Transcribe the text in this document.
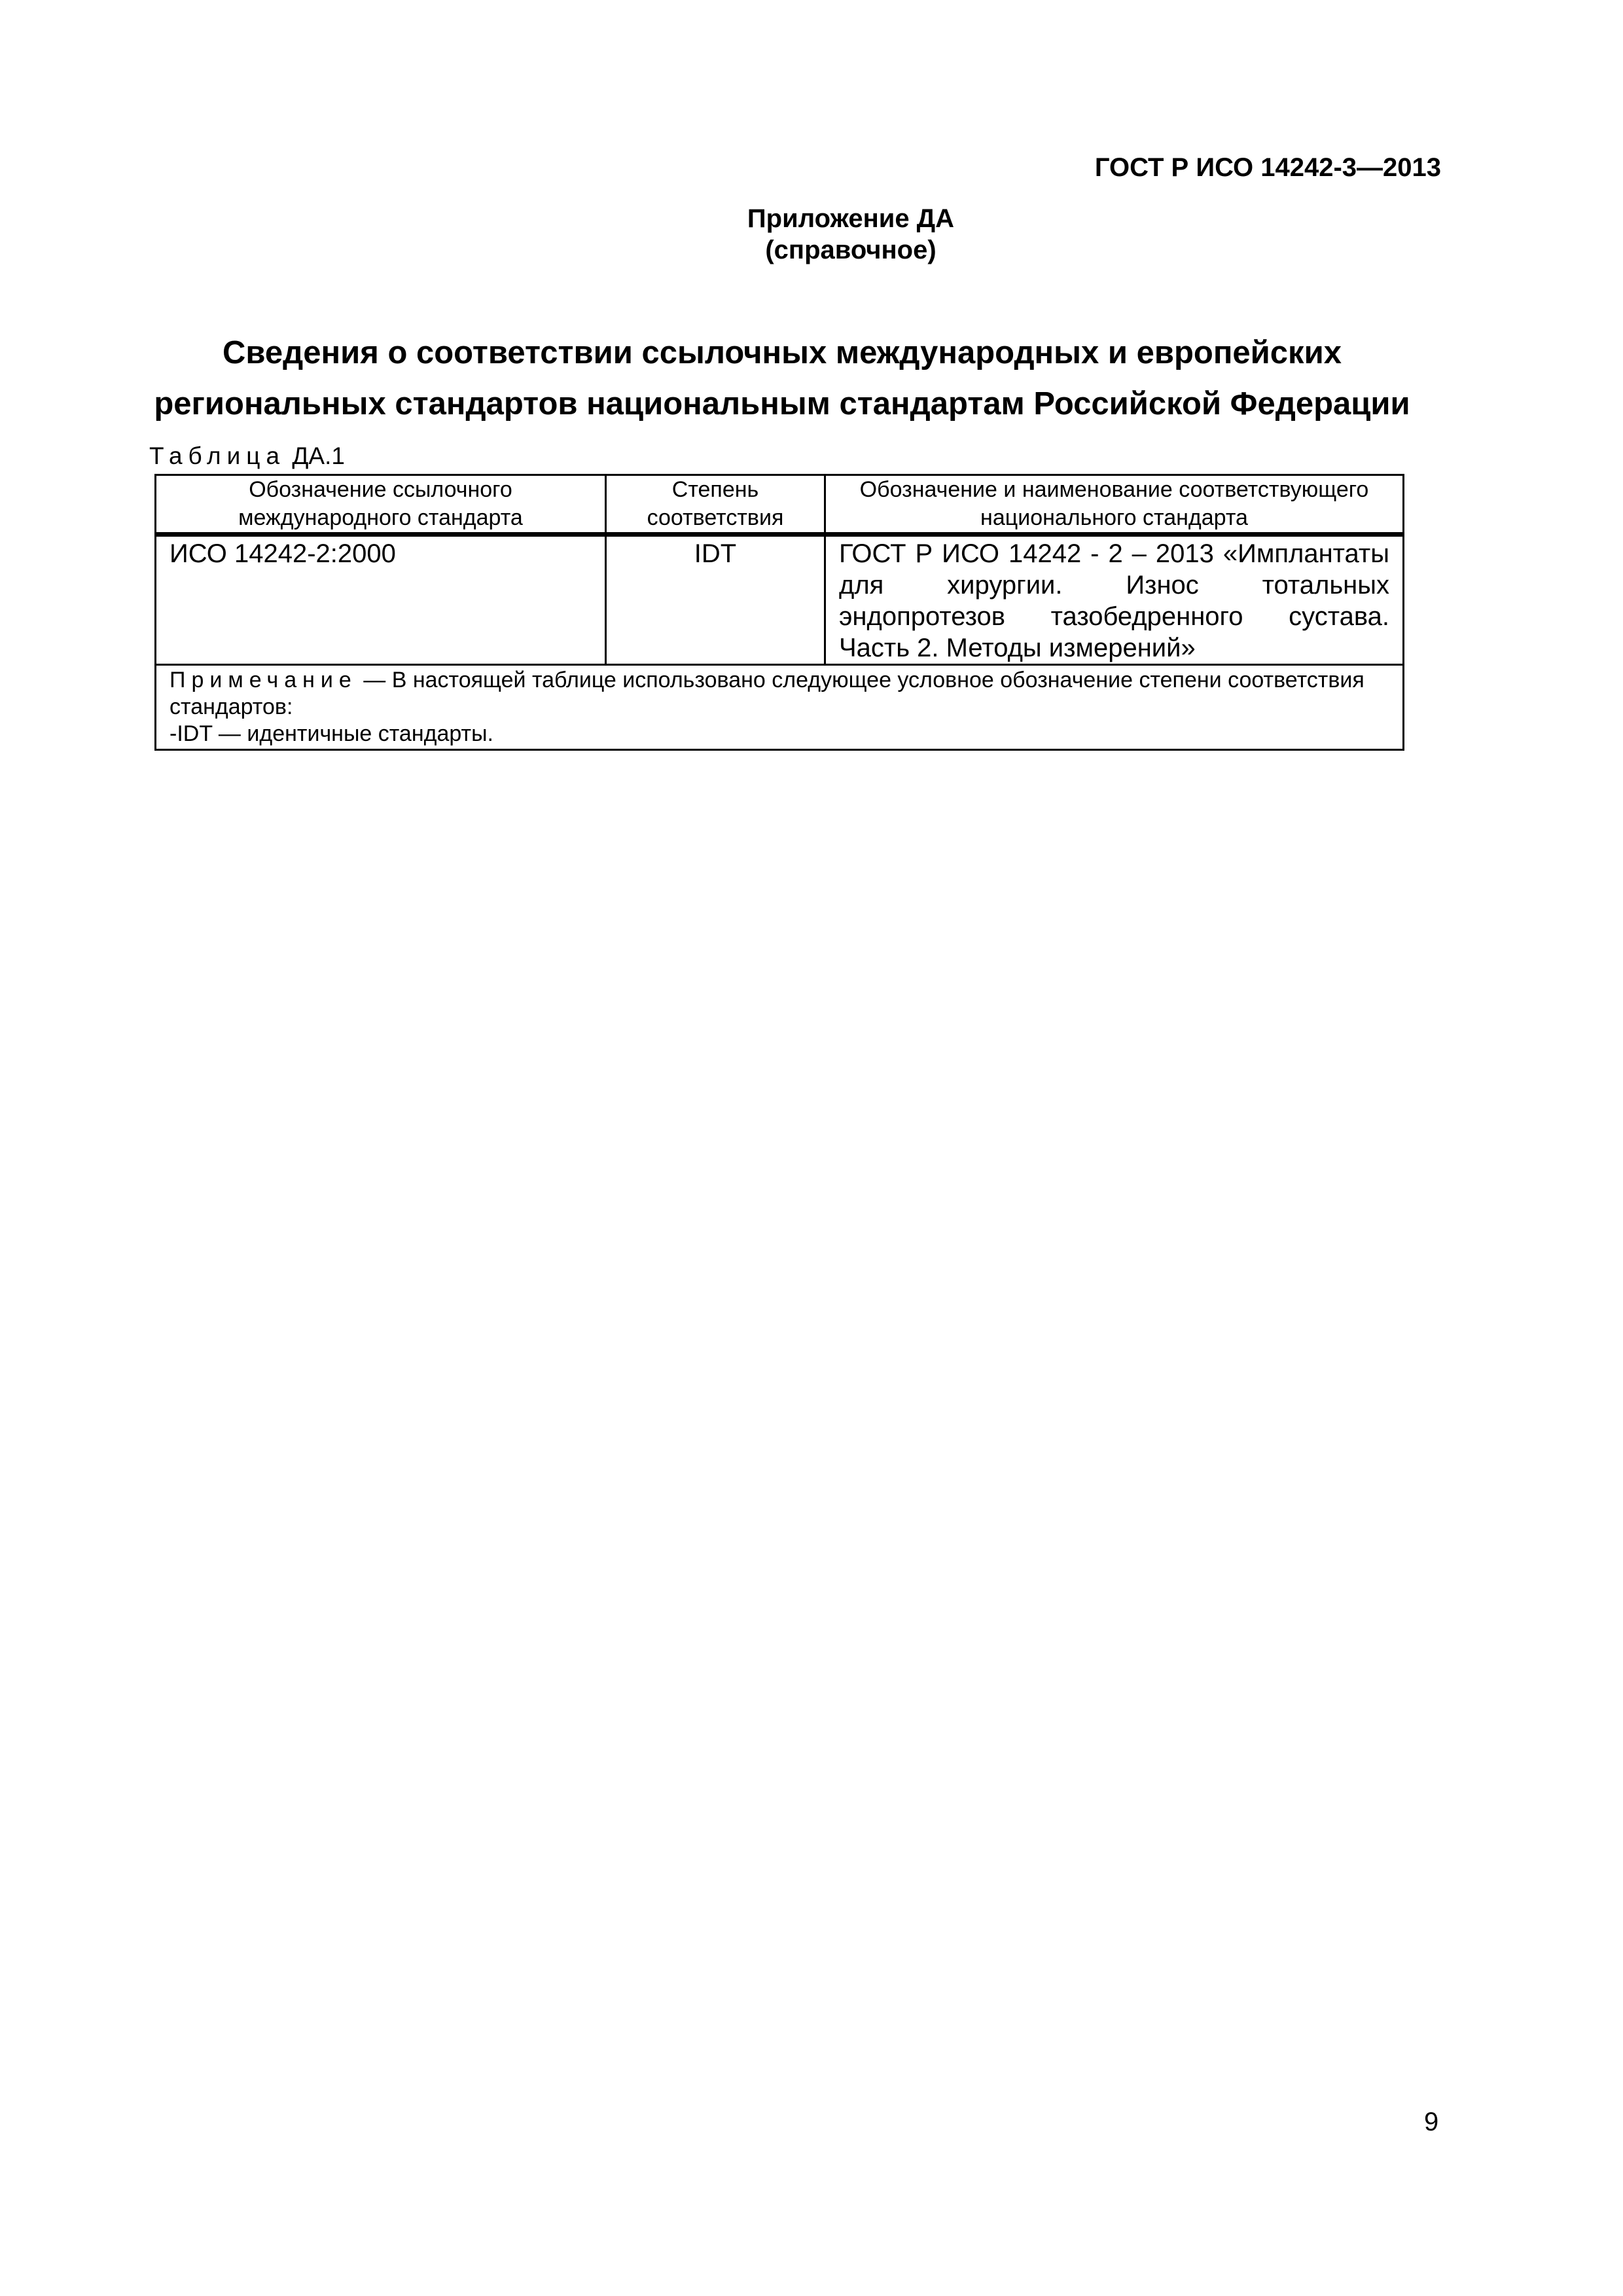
ГОСТ Р ИСО 14242-3—2013
Приложение ДА
(справочное)
Сведения о соответствии ссылочных международных и европейских
региональных стандартов национальным стандартам Российской Федерации
Таблица ДА.1
Обозначение ссылочного международного стандарта	Степень соответствия	Обозначение и наименование соответствующего национального стандарта
ИСО 14242-2:2000	IDT	ГОСТ Р ИСО 14242 - 2 – 2013 «Имплантаты для хирургии. Износ тотальных эндопротезов тазобедренного сустава. Часть 2. Методы измерений»
Примечание — В настоящей таблице использовано следующее условное обозначение степени соответствия стандартов:
-IDT — идентичные стандарты.		
9
